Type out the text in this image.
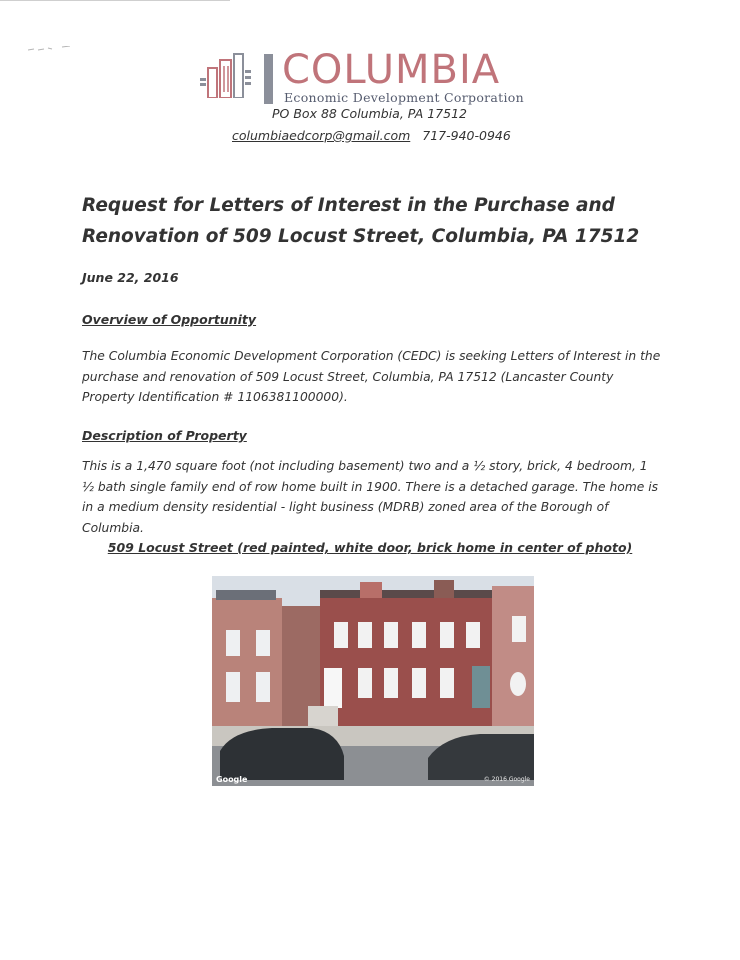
COLUMBIA
Economic Development Corporation
PO Box 88 Columbia, PA 17512
columbiaedcorp@gmail.com 717-940-0946
Request for Letters of Interest in the Purchase and Renovation of 509 Locust Street, Columbia, PA 17512
June 22, 2016
Overview of Opportunity
The Columbia Economic Development Corporation (CEDC) is seeking Letters of Interest in the purchase and renovation of 509 Locust Street, Columbia, PA 17512 (Lancaster County Property Identification # 1106381100000).
Description of Property
This is a 1,470 square foot (not including basement) two and a ½ story, brick, 4 bedroom, 1 ½ bath single family end of row home built in 1900. There is a detached garage. The home is in a medium density residential - light business (MDRB) zoned area of the Borough of Columbia.
509 Locust Street (red painted, white door, brick home in center of photo)
Google	© 2016 Google
